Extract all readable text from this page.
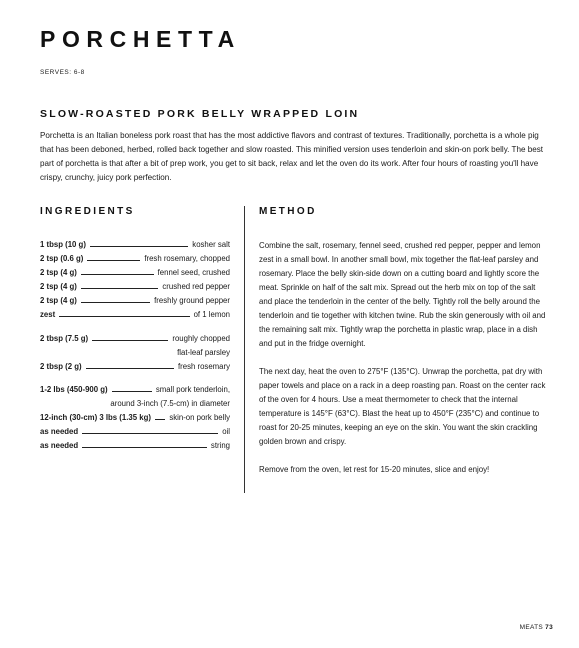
PORCHETTA
SERVES: 6-8
SLOW-ROASTED PORK BELLY WRAPPED LOIN

Porchetta is an Italian boneless pork roast that has the most addictive flavors and contrast of textures. Traditionally, porchetta is a whole pig that has been deboned, herbed, rolled back together and slow roasted. This minified version uses tenderloin and skin-on pork belly. The best part of porchetta is that after a bit of prep work, you get to sit back, relax and let the oven do its work. After four hours of roasting you'll have crispy, crunchy, juicy pork perfection.

INGREDIENTS	METHOD
1 tbsp (10 g)	kosher salt
2 tsp (0.6 g)	fresh rosemary, chopped
2 tsp (4 g)	fennel seed, crushed
2 tsp (4 g)	crushed red pepper
2 tsp (4 g)	freshly ground pepper
zest	of 1 lemon
2 tbsp (7.5 g)	roughly chopped
flat-leaf parsley
2 tbsp (2 g)	fresh rosemary
1-2 lbs (450-900 g)	small pork tenderloin,
around 3-inch (7.5-cm) in diameter
12-inch (30-cm) 3 lbs (1.35 kg) skin-on pork belly
as needed	oil
as needed	string

Combine the salt, rosemary, fennel seed, crushed red pepper, pepper and lemon zest in a small bowl. In another small bowl, mix together the flat-leaf parsley and rosemary. Place the belly skin-side down on a cutting board and lightly score the meat. Sprinkle on half of the salt mix. Spread out the herb mix on top of the salt and place the tenderloin in the center of the belly. Tightly roll the belly around the tenderloin and tie together with kitchen twine. Rub the skin generously with oil and the remaining salt mix. Tightly wrap the porchetta in plastic wrap, place in a dish and put in the fridge overnight.

The next day, heat the oven to 275°F (135°C). Unwrap the porchetta, pat dry with paper towels and place on a rack in a deep roasting pan. Roast on the center rack of the oven for 4 hours. Use a meat thermometer to check that the internal temperature is 145°F (63°C). Blast the heat up to 450°F (235°C) and continue to roast for 20-25 minutes, keeping an eye on the skin. You want the skin crackling golden brown and crispy.

Remove from the oven, let rest for 15-20 minutes, slice and enjoy!

MEATS 73
